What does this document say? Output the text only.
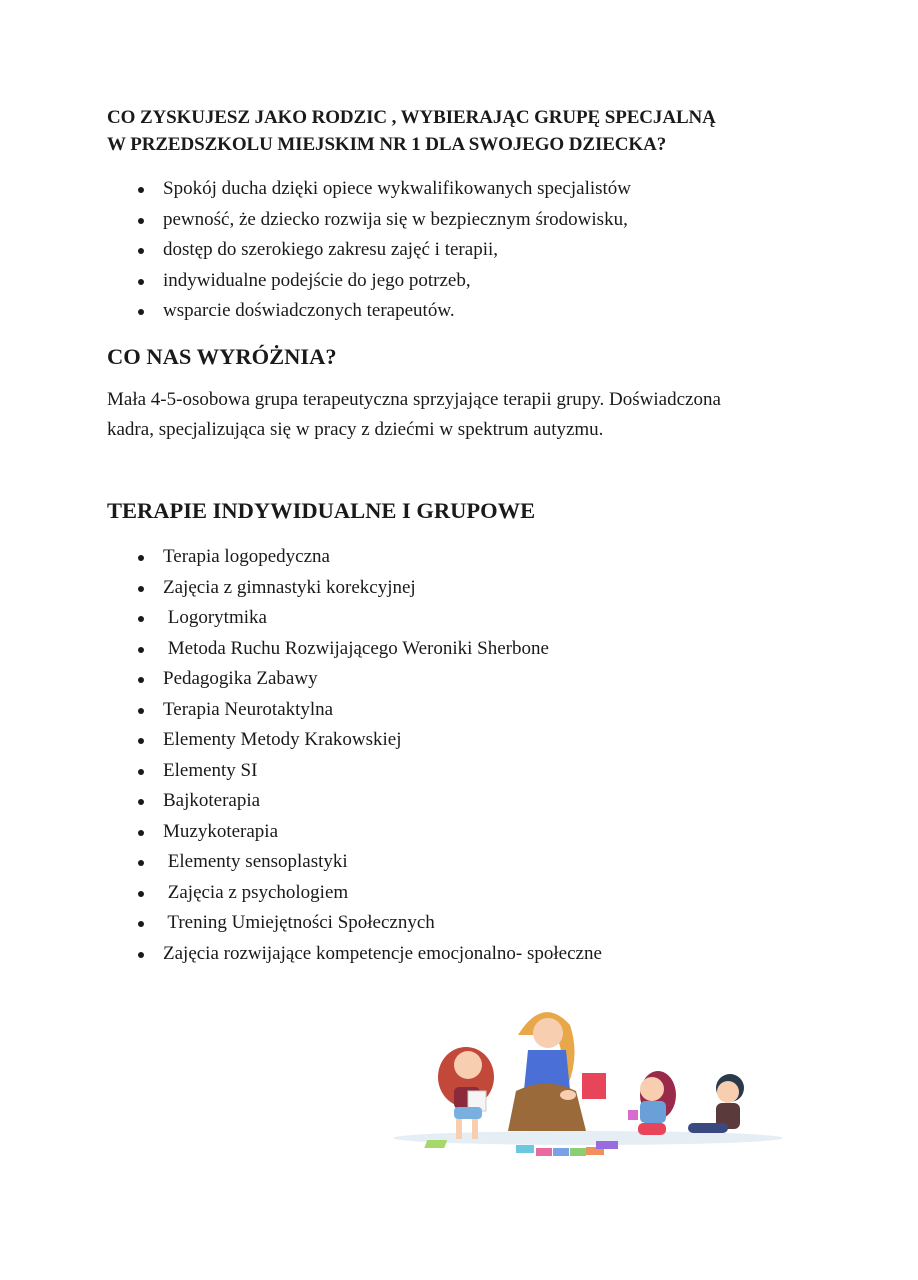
CO ZYSKUJESZ JAKO RODZIC , WYBIERAJĄC GRUPĘ SPECJALNĄ
W PRZEDSZKOLU MIEJSKIM NR 1 DLA SWOJEGO DZIECKA?
Spokój ducha dzięki opiece wykwalifikowanych specjalistów
pewność, że dziecko rozwija się w bezpiecznym środowisku,
dostęp do szerokiego zakresu zajęć i terapii,
indywidualne podejście do jego potrzeb,
wsparcie doświadczonych terapeutów.
CO NAS WYRÓŻNIA?
Mała 4-5-osobowa grupa terapeutyczna sprzyjające terapii grupy. Doświadczona
kadra, specjalizująca się w pracy z dziećmi w spektrum autyzmu.
TERAPIE INDYWIDUALNE I GRUPOWE
Terapia logopedyczna
Zajęcia z gimnastyki korekcyjnej
Logorytmika
Metoda Ruchu Rozwijającego Weroniki Sherbone
Pedagogika Zabawy
Terapia Neurotaktylna
Elementy Metody Krakowskiej
Elementy SI
Bajkoterapia
Muzykoterapia
Elementy sensoplastyki
Zajęcia z psychologiem
Trening Umiejętności Społecznych
Zajęcia rozwijające kompetencje emocjonalno- społeczne
